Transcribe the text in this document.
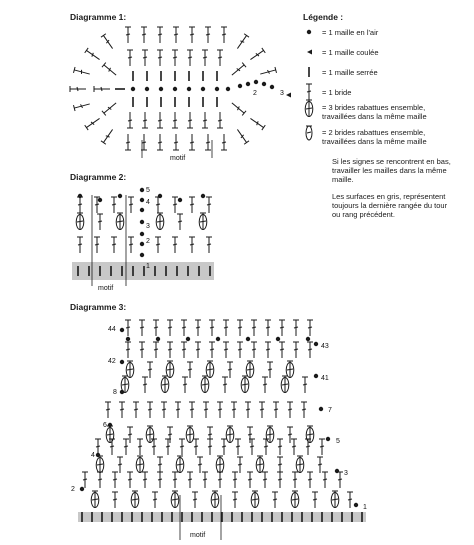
Diagramme 1:
Diagramme 2:
Diagramme 3:
Légende :
= 1 maille en l'air
= 1 maille coulée
= 1 maille serrée
= 1 bride
= 3 brides rabattues ensemble, travaillées dans la même maille
= 2 brides rabattues ensemble, travaillées dans la même maille
Si les signes se rencontrent en bas, travailler les mailles dans la même maille.
Les surfaces en gris, représentent toujours la dernière rangée du tour ou rang précédent.
2	3
motif
5
4
3
2
1
motif
44
42
8
6
4
2
43
41
7
5
3
1
motif
